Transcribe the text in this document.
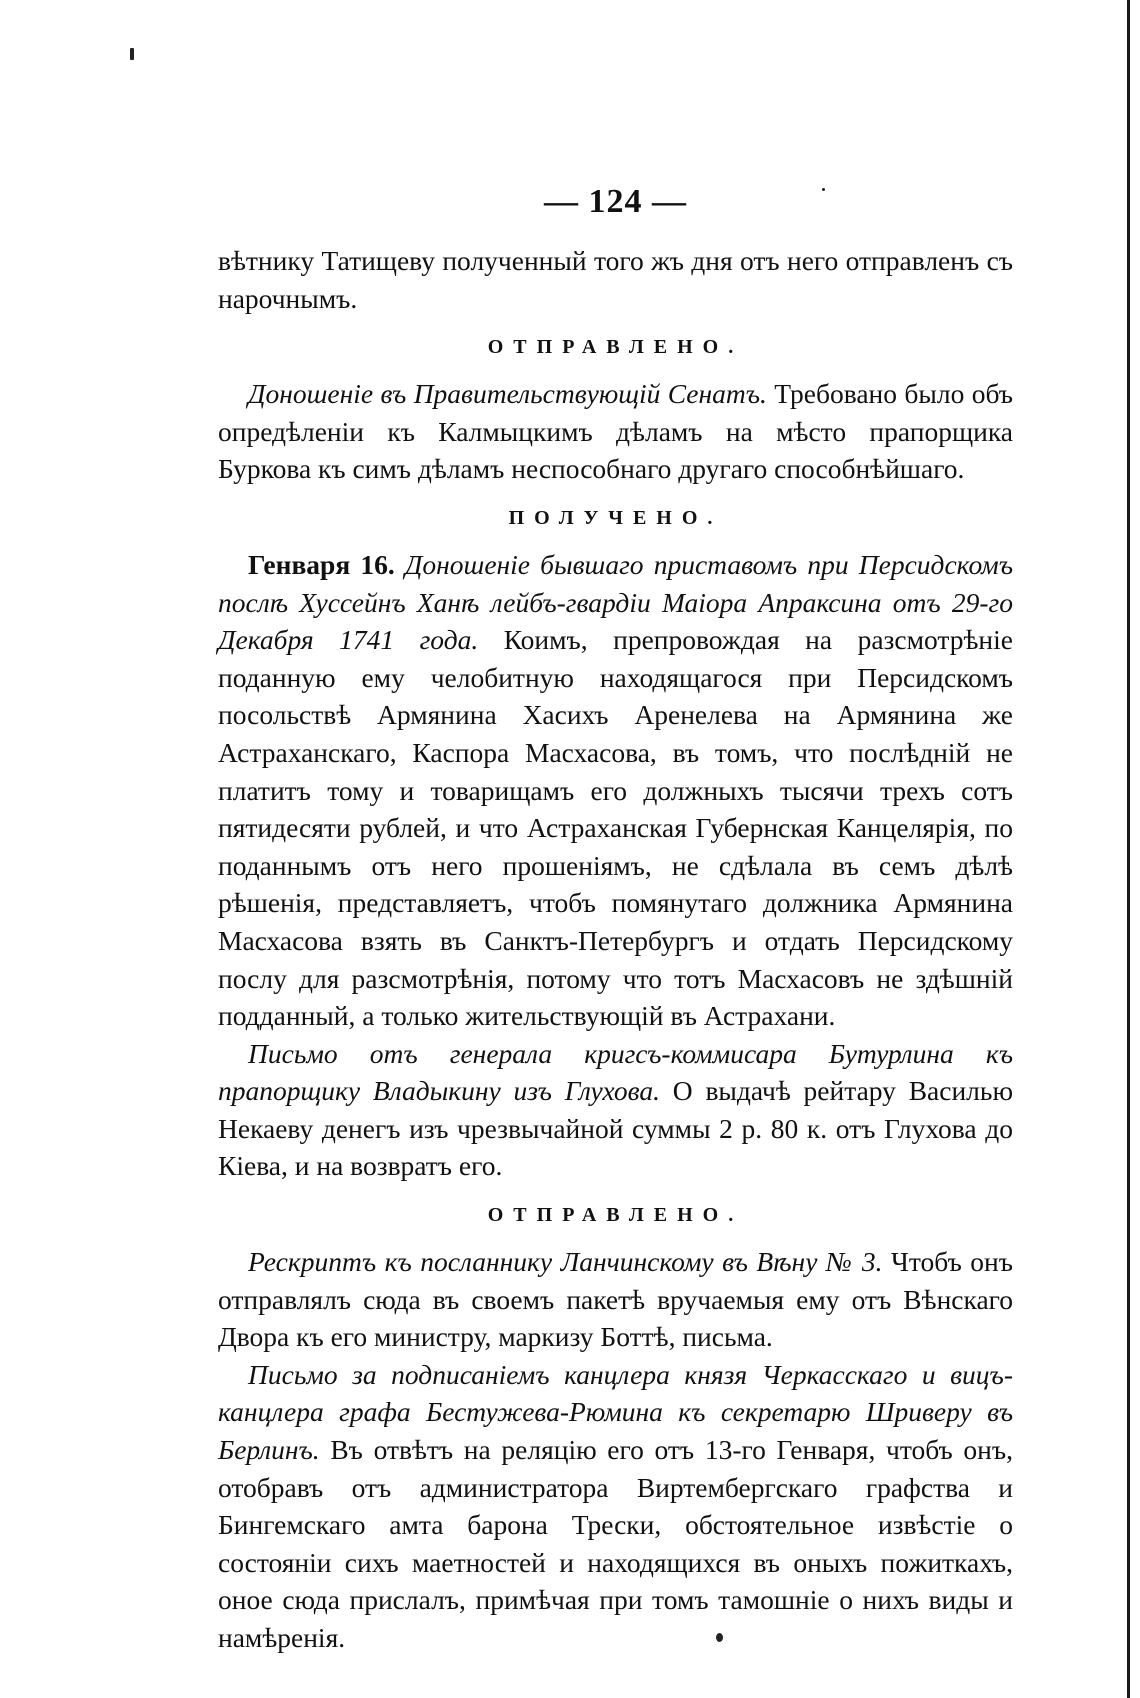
— 124 —

вѣтнику Татищеву полученный того жъ дня отъ него отправленъ съ нарочнымъ.

ОТПРАВЛЕНО.

Доношеніе въ Правительствующій Сенатъ. Требовано было объ опредѣленіи къ Калмыцкимъ дѣламъ на мѣсто прапорщика Буркова къ симъ дѣламъ неспособнаго другаго способнѣйшаго.

ПОЛУЧЕНО.

Генваря 16. Доношеніе бывшаго приставомъ при Персидскомъ послѣ Хуссейнъ Ханѣ лейбъ-гвардіи Маіора Апраксина отъ 29-го Декабря 1741 года. Коимъ, препровождая на разсмотрѣніе поданную ему челобитную находящагося при Персидскомъ посольствѣ Армянина Хасихъ Аренелева на Армянина же Астраханскаго, Каспора Масхасова, въ томъ, что послѣдній не платитъ тому и товарищамъ его должныхъ тысячи трехъ сотъ пятидесяти рублей, и что Астраханская Губернская Канцелярія, по поданнымъ отъ него прошеніямъ, не сдѣлала въ семъ дѣлѣ рѣшенія, представляетъ, чтобъ помянутаго должника Армянина Масхасова взять въ Санктъ-Петербургъ и отдать Персидскому послу для разсмотрѣнія, потому что тотъ Масхасовъ не здѣшній подданный, а только жительствующій въ Астрахани.

Письмо отъ генерала кригсъ-коммисара Бутурлина къ прапорщику Владыкину изъ Глухова. О выдачѣ рейтару Василью Некаеву денегъ изъ чрезвычайной суммы 2 р. 80 к. отъ Глухова до Кіева, и на возвратъ его.

ОТПРАВЛЕНО.

Рескриптъ къ посланнику Ланчинскому въ Вѣну № 3. Чтобъ онъ отправлялъ сюда въ своемъ пакетѣ вручаемыя ему отъ Вѣнскаго Двора къ его министру, маркизу Боттѣ, письма.

Письмо за подписаніемъ канцлера князя Черкасскаго и вицъ-канцлера графа Бестужева-Рюмина къ секретарю Шриверу въ Берлинъ. Въ отвѣтъ на реляцію его отъ 13-го Генваря, чтобъ онъ, отобравъ отъ администратора Виртембергскаго графства и Бингемскаго амта барона Трески, обстоятельное извѣстіе о состояніи сихъ маетностей и находящихся въ оныхъ пожиткахъ, оное сюда прислалъ, примѣчая при томъ тамошніе о нихъ виды и намѣренія.
